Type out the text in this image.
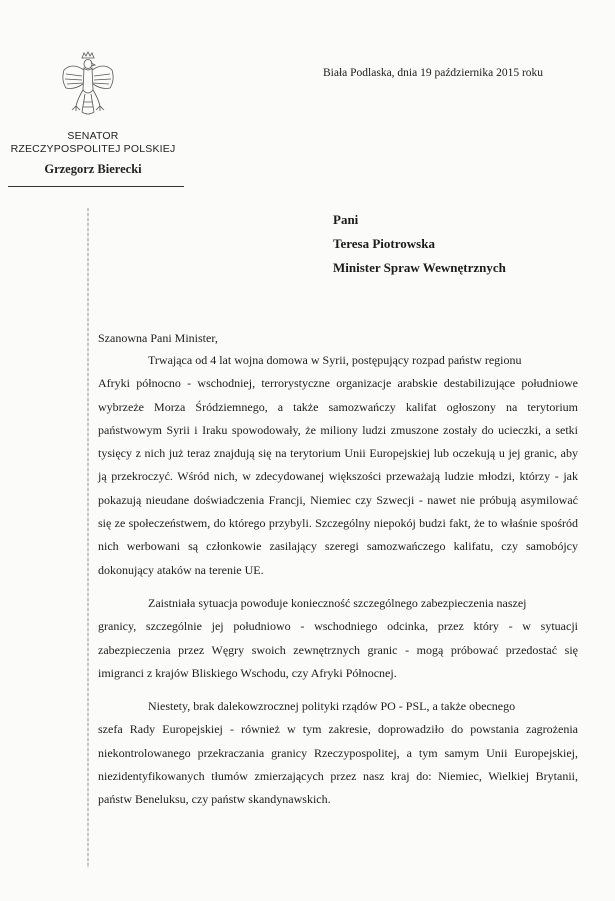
SENATOR
RZECZYPOSPOLITEJ POLSKIEJ
Grzegorz Bierecki
Biała Podlaska, dnia 19 października 2015 roku
Pani
Teresa Piotrowska
Minister Spraw Wewnętrznych
Szanowna Pani Minister,

Trwająca od 4 lat wojna domowa w Syrii, postępujący rozpad państw regionu
Afryki północno - wschodniej, terrorystyczne organizacje arabskie destabilizujące południowe wybrzeże Morza Śródziemnego, a także samozwańczy kalifat ogłoszony na terytorium państwowym Syrii i Iraku spowodowały, że miliony ludzi zmuszone zostały do ucieczki, a setki tysięcy z nich już teraz znajdują się na terytorium Unii Europejskiej lub oczekują u jej granic, aby ją przekroczyć. Wśród nich, w zdecydowanej większości przeważają ludzie młodzi, którzy - jak pokazują nieudane doświadczenia Francji, Niemiec czy Szwecji - nawet nie próbują asymilować się ze społeczeństwem, do którego przybyli. Szczególny niepokój budzi fakt, że to właśnie spośród nich werbowani są członkowie zasilający szeregi samozwańczego kalifatu, czy samobójcy dokonujący ataków na terenie UE.

Zaistniała sytuacja powoduje konieczność szczególnego zabezpieczenia naszej
granicy, szczególnie jej południowo - wschodniego odcinka, przez który - w sytuacji zabezpieczenia przez Węgry swoich zewnętrznych granic - mogą próbować przedostać się imigranci z krajów Bliskiego Wschodu, czy Afryki Północnej.

Niestety, brak dalekowzrocznej polityki rządów PO - PSL, a także obecnego
szefa Rady Europejskiej - również w tym zakresie, doprowadziło do powstania zagrożenia niekontrolowanego przekraczania granicy Rzeczypospolitej, a tym samym Unii Europejskiej, niezidentyfikowanych tłumów zmierzających przez nasz kraj do: Niemiec, Wielkiej Brytanii, państw Beneluksu, czy państw skandynawskich.
